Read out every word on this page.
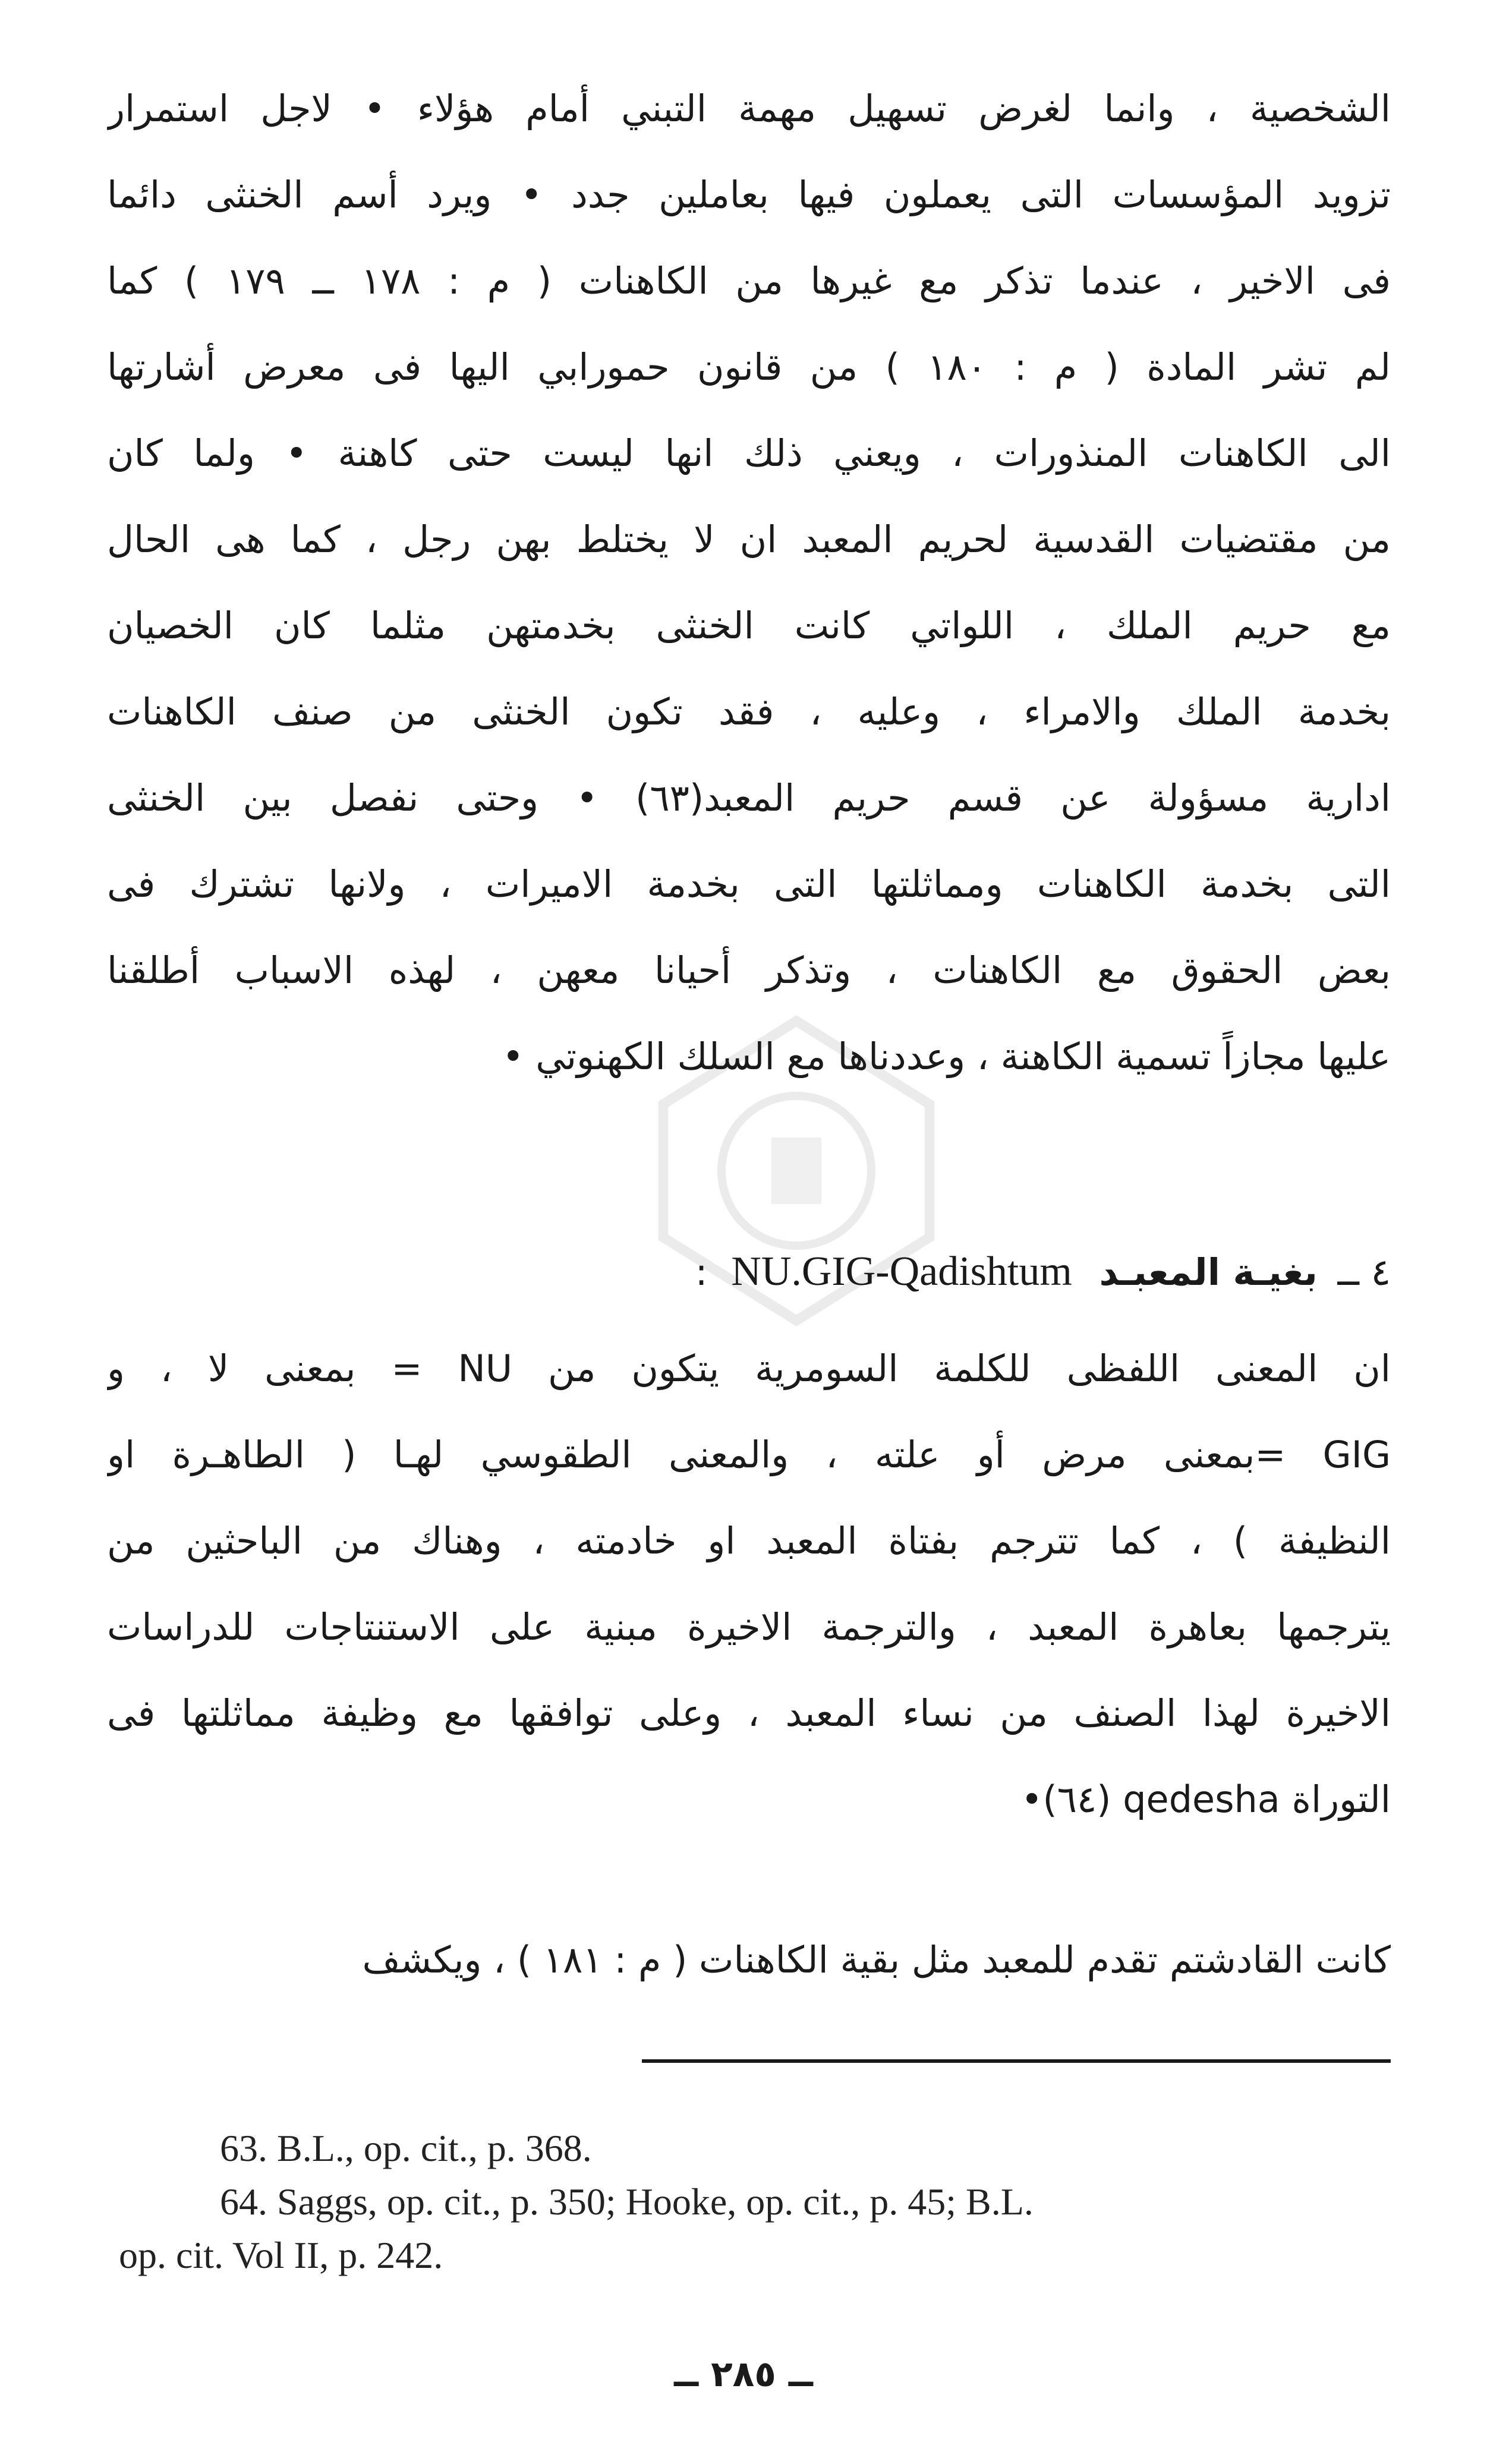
الشخصية ، وانما لغرض تسهيل مهمة التبني أمام هؤلاء • لاجل استمرار
تزويد المؤسسات التى يعملون فيها بعاملين جدد • ويرد أسم الخنثى دائما
فى الاخير ، عندما تذكر مع غيرها من الكاهنات ( م : ١٧٨ ــ ١٧٩ ) كما
لم تشر المادة ( م : ١٨٠ ) من قانون حمورابي اليها فى معرض أشارتها
الى الكاهنات المنذورات ، ويعني ذلك انها ليست حتى كاهنة • ولما كان
من مقتضيات القدسية لحريم المعبد ان لا يختلط بهن رجل ، كما هى الحال
مع حريم الملك ، اللواتي كانت الخنثى بخدمتهن مثلما كان الخصيان
بخدمة الملك والامراء ، وعليه ، فقد تكون الخنثى من صنف الكاهنات
ادارية مسؤولة عن قسم حريم المعبد(٦٣) • وحتى نفصل بين الخنثى
التى بخدمة الكاهنات ومماثلتها التى بخدمة الاميرات ، ولانها تشترك فى
بعض الحقوق مع الكاهنات ، وتذكر أحيانا معهن ، لهذه الاسباب أطلقنا
عليها مجازاً تسمية الكاهنة ، وعددناها مع السلك الكهنوتي •
٤ ــ بغيـة المعبـد NU.GIG-Qadishtum :
ان المعنى اللفظى للكلمة السومرية يتكون من NU = بمعنى لا ، و
GIG =بمعنى مرض أو علته ، والمعنى الطقوسي لهـا ( الطاهـرة او
النظيفة ) ، كما تترجم بفتاة المعبد او خادمته ، وهناك من الباحثين من
يترجمها بعاهرة المعبد ، والترجمة الاخيرة مبنية على الاستنتاجات للدراسات
الاخيرة لهذا الصنف من نساء المعبد ، وعلى توافقها مع وظيفة مماثلتها فى
التوراة qedesha (٦٤)•
كانت القادشتم تقدم للمعبد مثل بقية الكاهنات ( م : ١٨١ ) ، ويكشف
63. B.L., op. cit., p. 368.
64. Saggs, op. cit., p. 350; Hooke, op. cit., p. 45; B.L.
op. cit. Vol II, p. 242.
ــ ٢٨٥ ــ
